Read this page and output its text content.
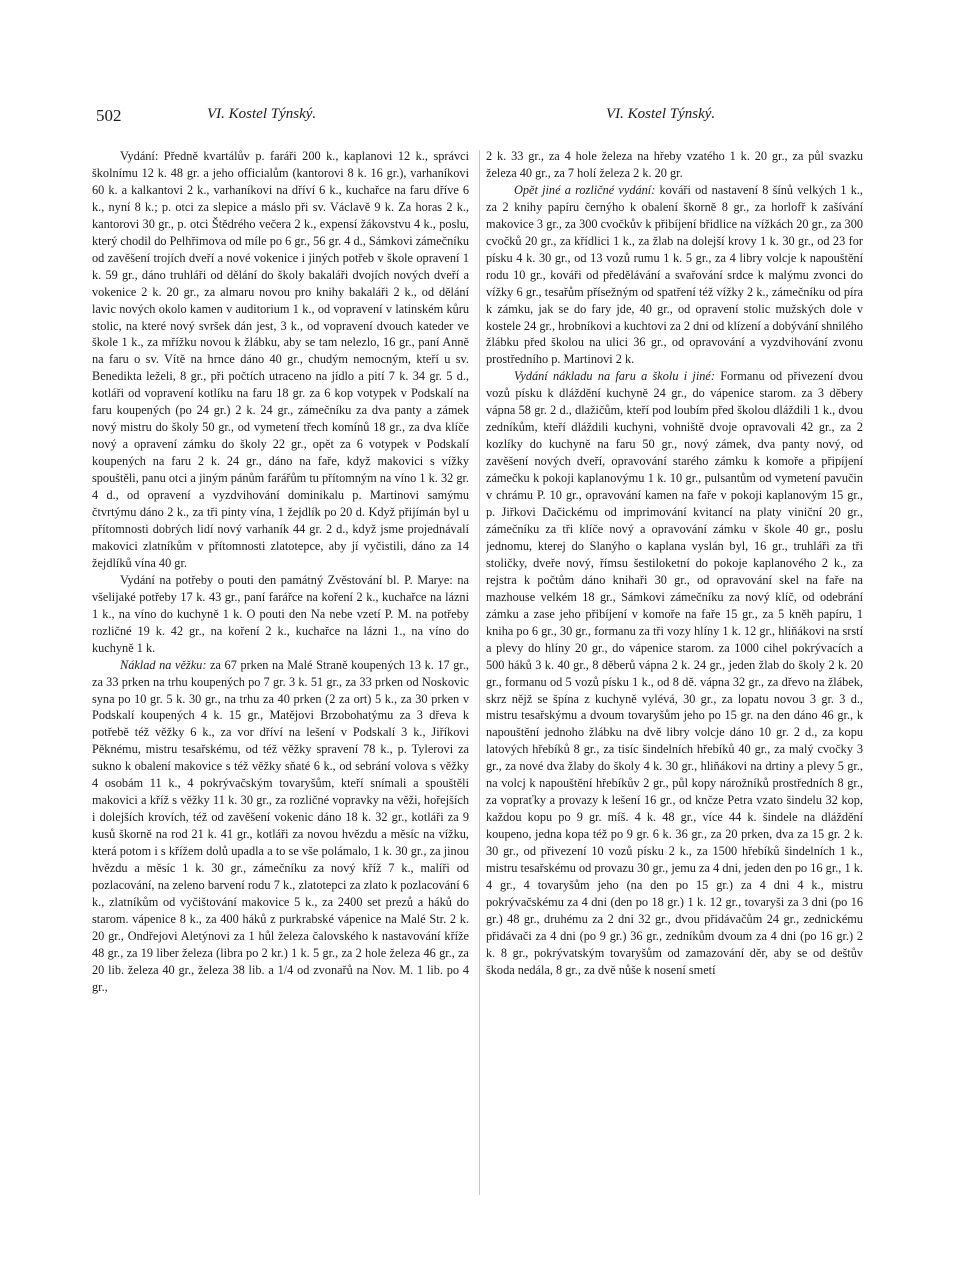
502	VI. Kostel Týnský.	VI. Kostel Týnský.

Vydání: Předně kvartálův p. faráři 200 k., kaplanovi 12 k., správci školnímu 12 k. 48 gr. a jeho officialům (kantorovi 8 k. 16 gr.), varhaníkovi 60 k. a kalkantovi 2 k., varhaníkovi na dříví 6 k., kuchařce na faru dříve 6 k., nyní 8 k.; p. otci za slepice a máslo při sv. Václavě 9 k. Za horas 2 k., kantorovi 30 gr., p. otci Štědrého večera 2 k., expensí žákovstvu 4 k., poslu, který chodil do Pelhřimova od míle po 6 gr., 56 gr. 4 d., Sámkovi zámečníku od zavěšení trojích dveří a nové vokenice i jiných potřeb v škole opravení 1 k. 59 gr., dáno truhláři od dělání do školy bakaláři dvojích nových dveří a vokenice 2 k. 20 gr., za almaru novou pro knihy bakaláři 2 k., od dělání lavic nových okolo kamen v auditorium 1 k., od vopravení v latinském kůru stolic, na které nový svršek dán jest, 3 k., od vopravení dvouch kateder ve škole 1 k., za mřížku novou k žlábku, aby se tam nelezlo, 16 gr., paní Anně na faru o sv. Vítě na hrnce dáno 40 gr., chudým nemocným, kteří u sv. Benedikta leželi, 8 gr., při počtích utraceno na jídlo a pití 7 k. 34 gr. 5 d., kotláři od vopravení kotlíku na faru 18 gr. za 6 kop votypek v Podskalí na faru koupených (po 24 gr.) 2 k. 24 gr., zámečníku za dva panty a zámek nový mistru do školy 50 gr., od vymetení třech komínů 18 gr., za dva klíče nový a opravení zámku do školy 22 gr., opět za 6 votypek v Podskalí koupených na faru 2 k. 24 gr., dáno na faře, když makovici s vížky spouštěli, panu otci a jiným pánům farářům tu přítomným na víno 1 k. 32 gr. 4 d., od opravení a vyzdvihování dominikalu p. Martinovi samýmu čtvrtýmu dáno 2 k., za tři pinty vína, 1 žejdlík po 20 d. Když přijímán byl u přítomnosti dobrých lidí nový varhaník 44 gr. 2 d., když jsme projednávalí makovici zlatníkům v přítomnosti zlatotepce, aby jí vyčistili, dáno za 14 žejdlíků vína 40 gr.

Vydání na potřeby o pouti den památný Zvěstování bl. P. Marye: na všelijaké potřeby 17 k. 43 gr., paní farářce na koření 2 k., kuchařce na lázni 1 k., na víno do kuchyně 1 k. O pouti den Na nebe vzetí P. M. na potřeby rozličné 19 k. 42 gr., na koření 2 k., kuchařce na lázni 1., na víno do kuchyně 1 k.

Náklad na věžku: za 67 prken na Malé Straně koupených 13 k. 17 gr., za 33 prken na trhu koupených po 7 gr. 3 k. 51 gr., za 33 prken od Noskovic syna po 10 gr. 5 k. 30 gr., na trhu za 40 prken (2 za ort) 5 k., za 30 prken v Podskalí koupených 4 k. 15 gr., Matějovi Brzobohatýmu za 3 dřeva k potřebě též věžky 6 k., za vor dříví na lešení v Podskalí 3 k., Jiříkovi Pěknému, mistru tesařskému, od též věžky spravení 78 k., p. Tylerovi za sukno k obalení makovice s též věžky sňaté 6 k., od sebrání volova s věžky 4 osobám 11 k., 4 pokrývačským tovaryšům, kteří snímali a spouštěli makovici a kříž s věžky 11 k. 30 gr., za rozličné vopravky na věži, hořejších i dolejších krovích, též od zavěšení vokenic dáno 18 k. 32 gr., kotláři za 9 kusů škorně na rod 21 k. 41 gr., kotláři za novou hvězdu a měsíc na vížku, která potom i s křížem dolů upadla a to se vše polámalo, 1 k. 30 gr., za jinou hvězdu a měsíc 1 k. 30 gr., zámečníku za nový kříž 7 k., malíři od pozlacování, na zeleno barvení rodu 7 k., zlatotepci za zlato k pozlacování 6 k., zlatníkům od vyčištování makovice 5 k., za 2400 set prezů a háků do starom. vápenice 8 k., za 400 háků z purkrabské vápenice na Malé Str. 2 k. 20 gr., Ondřejovi Aletýnovi za 1 hůl železa čalovského k nastavování kříže 48 gr., za 19 liber železa (libra po 2 kr.) 1 k. 5 gr., za 2 hole železa 46 gr., za 20 lib. železa 40 gr., železa 38 lib. a 1/4 od zvonařů na Nov. M. 1 lib. po 4 gr.,

2 k. 33 gr., za 4 hole železa na hřeby vzatého 1 k. 20 gr., za půl svazku železa 40 gr., za 7 holí železa 2 k. 20 gr.

Opět jiné a rozličné vydání: kováři od nastavení 8 šínů velkých 1 k., za 2 knihy papíru černýho k obalení škorně 8 gr., za horlofř k zašívání makovice 3 gr., za 300 cvočkův k přibíjení břidlice na vížkách 20 gr., za 300 cvočků 20 gr., za křídlici 1 k., za žlab na dolejší krovy 1 k. 30 gr., od 23 for písku 4 k. 30 gr., od 13 vozů rumu 1 k. 5 gr., za 4 libry volcje k napouštění rodu 10 gr., kováři od předělávání a svařování srdce k malýmu zvonci do vížky 6 gr., tesařům přísežným od spatření též vížky 2 k., zámečníku od píra k zámku, jak se do fary jde, 40 gr., od opravení stolic mužských dole v kostele 24 gr., hrobníkovi a kuchtovi za 2 dni od klízení a dobývání shnilého žlábku před školou na ulici 36 gr., od opravování a vyzdvihování zvonu prostředního p. Martinovi 2 k.

Vydání nákladu na faru a školu i jiné: Formanu od přivezení dvou vozů písku k dláždění kuchyně 24 gr., do vápenice starom. za 3 děbery vápna 58 gr. 2 d., dlažičům, kteří pod loubím před školou dláždili 1 k., dvou zedníkům, kteří dláždili kuchyni, vohniště dvoje opravovali 42 gr., za 2 kozlíky do kuchyně na faru 50 gr., nový zámek, dva panty nový, od zavěšení nových dveří, opravování starého zámku k komoře a připíjení zámečku k pokoji kaplanovýmu 1 k. 10 gr., pulsantům od vymetení pavučin v chrámu P. 10 gr., opravování kamen na faře v pokoji kaplanovým 15 gr., p. Jiřkovi Dačickému od imprimování kvitancí na platy viniční 20 gr., zámečníku za tři klíče nový a opravování zámku v škole 40 gr., poslu jednomu, kterej do Slanýho o kaplana vyslán byl, 16 gr., truhláři za tři stoličky, dveře nový, římsu šestiloketní do pokoje kaplanového 2 k., za rejstra k počtům dáno knihaři 30 gr., od opravování skel na faře na mazhouse velkém 18 gr., Sámkovi zámečníku za nový klíč, od odebrání zámku a zase jeho přibíjení v komoře na faře 15 gr., za 5 kněh papíru, 1 kniha po 6 gr., 30 gr., formanu za tři vozy hlíny 1 k. 12 gr., hliňákovi na srstí a plevy do hlíny 20 gr., do vápenice starom. za 1000 cihel pokrývacích a 500 háků 3 k. 40 gr., 8 děberů vápna 2 k. 24 gr., jeden žlab do školy 2 k. 20 gr., formanu od 5 vozů písku 1 k., od 8 dě. vápna 32 gr., za dřevo na žlábek, skrz nějž se špína z kuchyně vylévá, 30 gr., za lopatu novou 3 gr. 3 d., mistru tesařskýmu a dvoum tovaryšům jeho po 15 gr. na den dáno 46 gr., k napouštění jednoho žlábku na dvě libry volcje dáno 10 gr. 2 d., za kopu latových hřebíků 8 gr., za tisíc šindelních hřebíků 40 gr., za malý cvočky 3 gr., za nové dva žlaby do školy 4 k. 30 gr., hliňákovi na drtiny a plevy 5 gr., na volcj k napouštění hřebíkův 2 gr., půl kopy nárožníků prostředních 8 gr., za vopraťky a provazy k lešení 16 gr., od knčze Petra vzato šindelu 32 kop, každou kopu po 9 gr. míš. 4 k. 48 gr., více 44 k. šindele na dláždění koupeno, jedna kopa též po 9 gr. 6 k. 36 gr., za 20 prken, dva za 15 gr. 2 k. 30 gr., od přivezení 10 vozů písku 2 k., za 1500 hřebíků šindelních 1 k., mistru tesařskému od provazu 30 gr., jemu za 4 dni, jeden den po 16 gr., 1 k. 4 gr., 4 tovaryšům jeho (na den po 15 gr.) za 4 dni 4 k., mistru pokrývačskému za 4 dni (den po 18 gr.) 1 k. 12 gr., tovaryši za 3 dni (po 16 gr.) 48 gr., druhému za 2 dni 32 gr., dvou přidávačům 24 gr., zednickému přidávači za 4 dni (po 9 gr.) 36 gr., zedníkům dvoum za 4 dni (po 16 gr.) 2 k. 8 gr., pokrývatským tovaryšům od zamazování děr, aby se od deštův škoda nedála, 8 gr., za dvě nůše k nosení smetí
